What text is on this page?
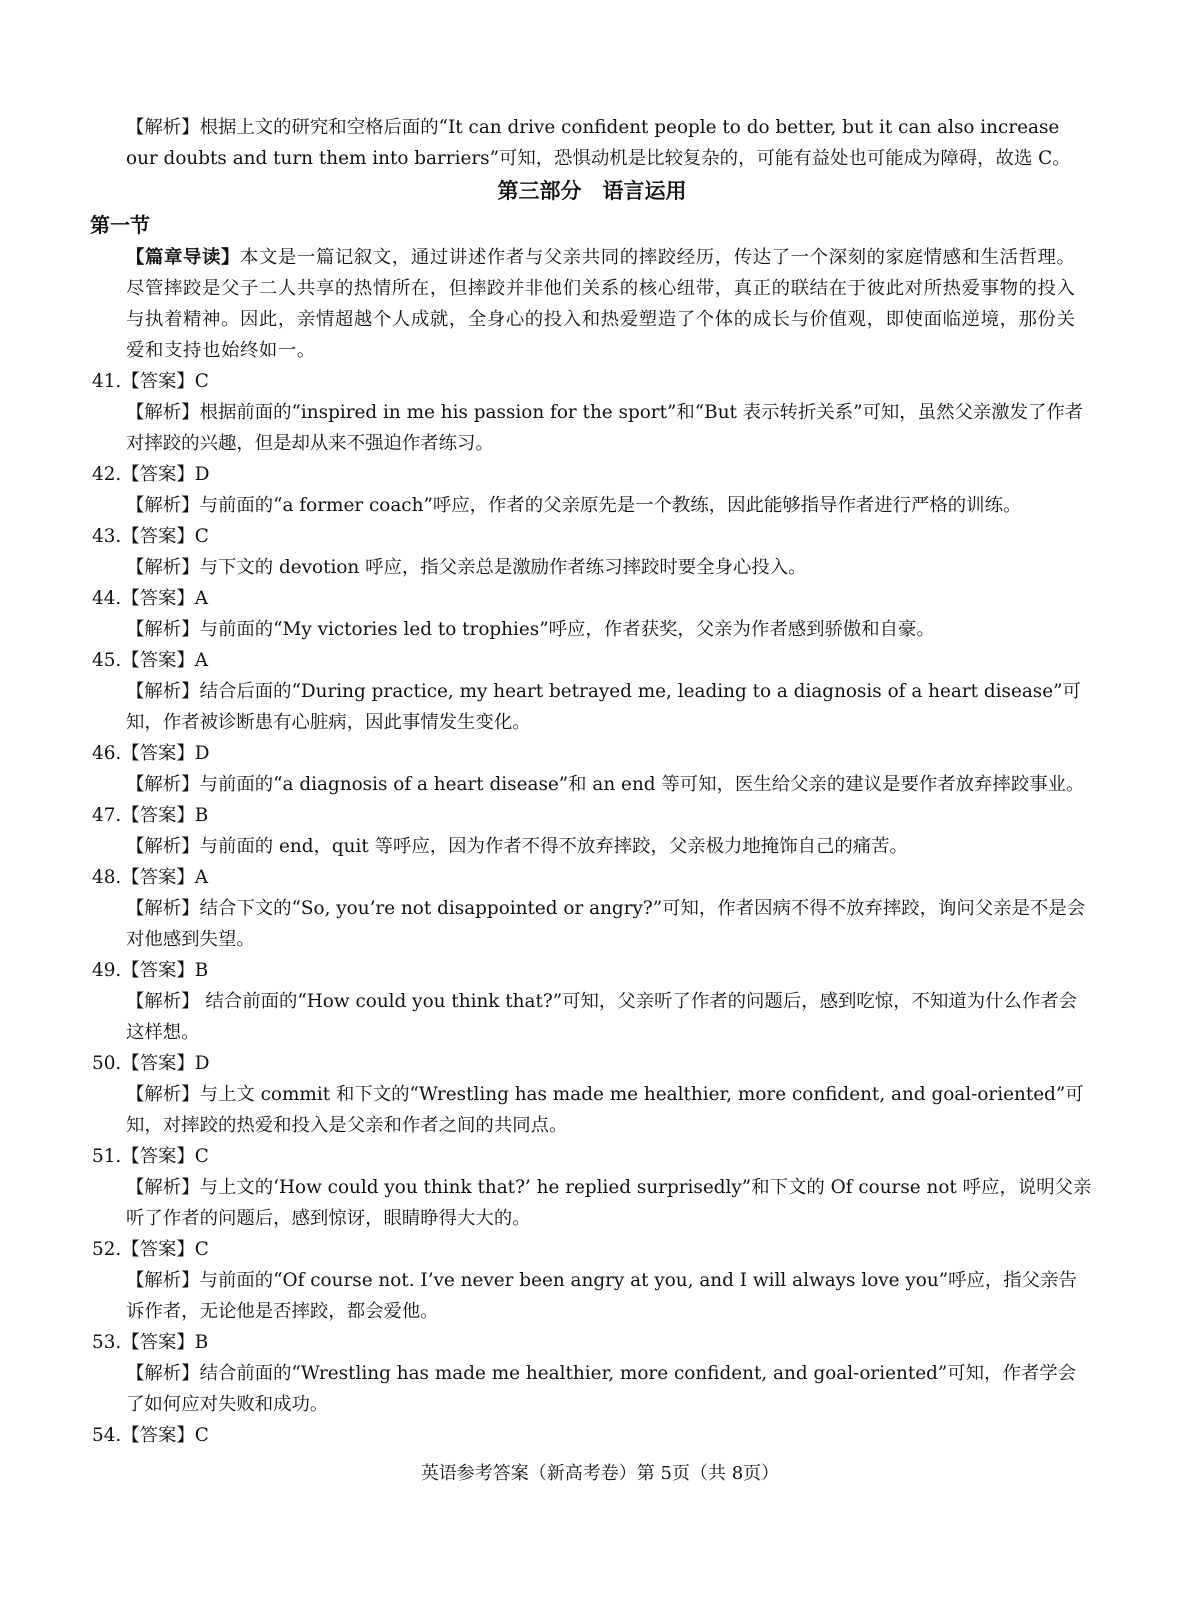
【解析】根据上文的研究和空格后面的“It can drive confident people to do better, but it can also increase our doubts and turn them into barriers”可知，恐惧动机是比较复杂的，可能有益处也可能成为障碍，故选 C。

第三部分　语言运用

第一节

【篇章导读】本文是一篇记叙文，通过讲述作者与父亲共同的摔跤经历，传达了一个深刻的家庭情感和生活哲理。尽管摔跤是父子二人共享的热情所在，但摔跤并非他们关系的核心纽带，真正的联结在于彼此对所热爱事物的投入与执着精神。因此，亲情超越个人成就，全身心的投入和热爱塑造了个体的成长与价值观，即使面临逆境，那份关爱和支持也始终如一。

41.【答案】C

【解析】根据前面的“inspired in me his passion for the sport”和“But 表示转折关系”可知，虽然父亲激发了作者对摔跤的兴趣，但是却从来不强迫作者练习。

42.【答案】D

【解析】与前面的“a former coach”呼应，作者的父亲原先是一个教练，因此能够指导作者进行严格的训练。

43.【答案】C

【解析】与下文的 devotion 呼应，指父亲总是激励作者练习摔跤时要全身心投入。

44.【答案】A

【解析】与前面的“My victories led to trophies”呼应，作者获奖，父亲为作者感到骄傲和自豪。

45.【答案】A

【解析】结合后面的“During practice, my heart betrayed me, leading to a diagnosis of a heart disease”可知，作者被诊断患有心脏病，因此事情发生变化。

46.【答案】D

【解析】与前面的“a diagnosis of a heart disease”和 an end 等可知，医生给父亲的建议是要作者放弃摔跤事业。

47.【答案】B

【解析】与前面的 end，quit 等呼应，因为作者不得不放弃摔跤，父亲极力地掩饰自己的痛苦。

48.【答案】A

【解析】结合下文的“So, you’re not disappointed or angry?”可知，作者因病不得不放弃摔跤，询问父亲是不是会对他感到失望。

49.【答案】B

【解析】 结合前面的“How could you think that?”可知，父亲听了作者的问题后，感到吃惊，不知道为什么作者会这样想。

50.【答案】D

【解析】与上文 commit 和下文的“Wrestling has made me healthier, more confident, and goal-oriented”可知，对摔跤的热爱和投入是父亲和作者之间的共同点。

51.【答案】C

【解析】与上文的‘How could you think that?’ he replied surprisedly”和下文的 Of course not 呼应，说明父亲听了作者的问题后，感到惊讶，眼睛睁得大大的。

52.【答案】C

【解析】与前面的“Of course not. I’ve never been angry at you, and I will always love you”呼应，指父亲告诉作者，无论他是否摔跤，都会爱他。

53.【答案】B

【解析】结合前面的“Wrestling has made me healthier, more confident, and goal-oriented”可知，作者学会了如何应对失败和成功。

54.【答案】C

英语参考答案（新高考卷）第 5页（共 8页）
